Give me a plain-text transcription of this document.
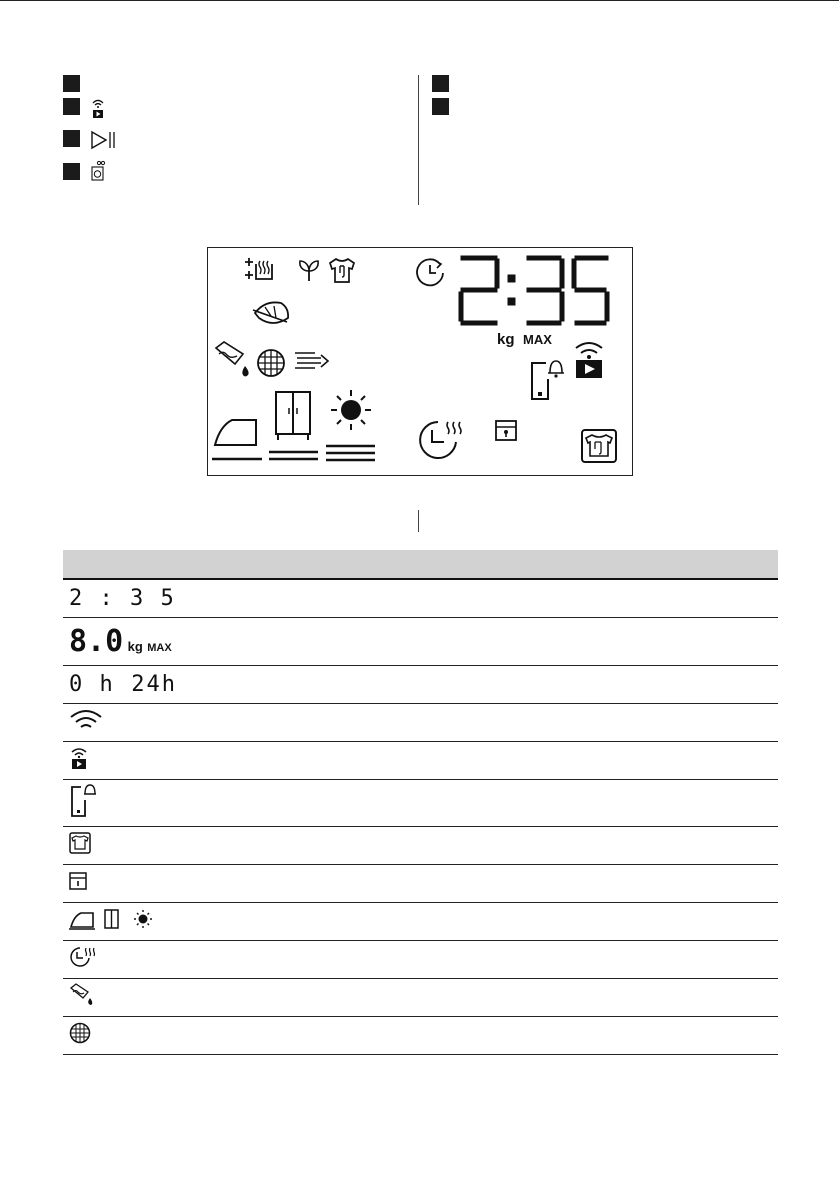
kg MAX

2 : 3 5
8.0 kg MAX
0 h 24h
